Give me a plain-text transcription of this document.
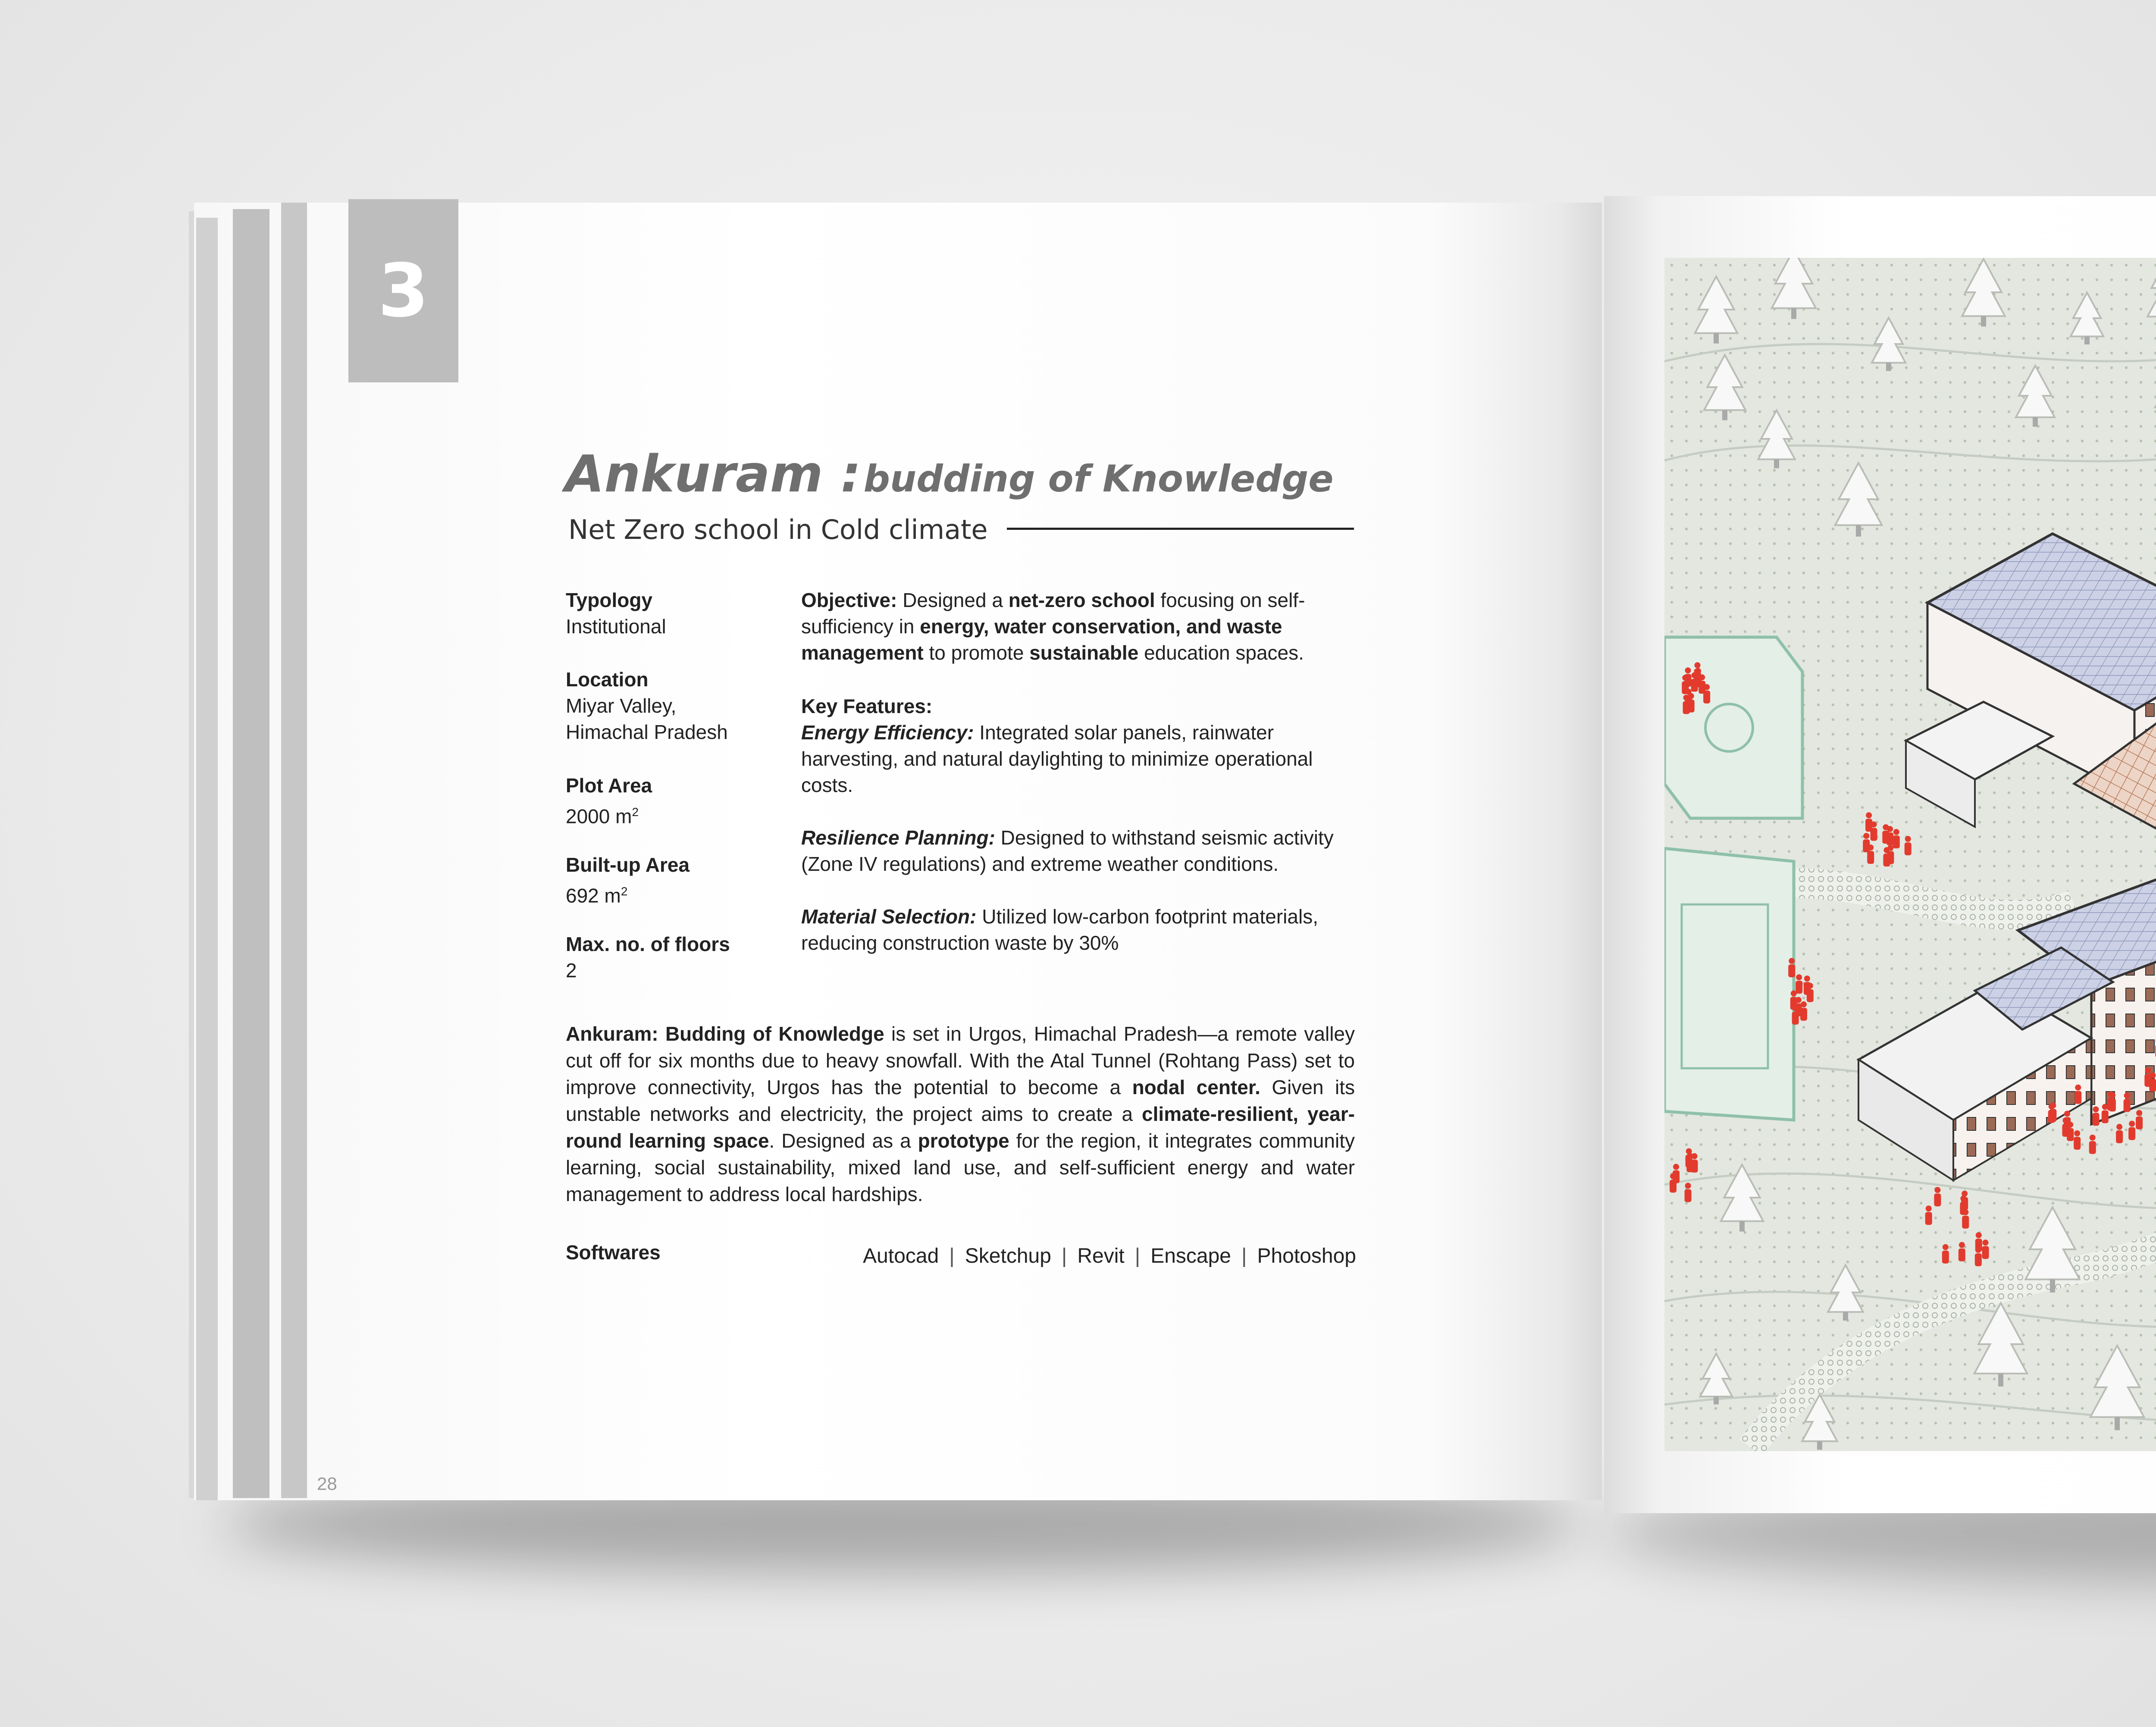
3
Ankuram : budding of Knowledge
Net Zero school in Cold climate
Typology
Institutional
Location
Miyar Valley,
Himachal Pradesh
Plot Area
2000 $m^2$
Built-up Area
692 $m^2$
Max. no. of floors
2
Objective: Designed a net-zero school focusing on self-sufficiency in energy, water conservation, and waste management to promote sustainable education spaces.
Key Features:
Energy Efficiency: Integrated solar panels, rainwater harvesting, and natural daylighting to minimize operational costs.
Resilience Planning: Designed to withstand seismic activity (Zone IV regulations) and extreme weather conditions.
Material Selection: Utilized low-carbon footprint materials, reducing construction waste by 30%
Ankuram: Budding of Knowledge is set in Urgos, Himachal Pradesh—a remote valley cut off for six months due to heavy snowfall. With the Atal Tunnel (Rohtang Pass) set to improve connectivity, Urgos has the potential to become a nodal center. Given its unstable networks and electricity, the project aims to create a climate-resilient, year-round learning space. Designed as a prototype for the region, it integrates community learning, social sustainability, mixed land use, and self-sufficient energy and water management to address local hardships.
Softwares	Autocad | Sketchup | Revit | Enscape | Photoshop
28
